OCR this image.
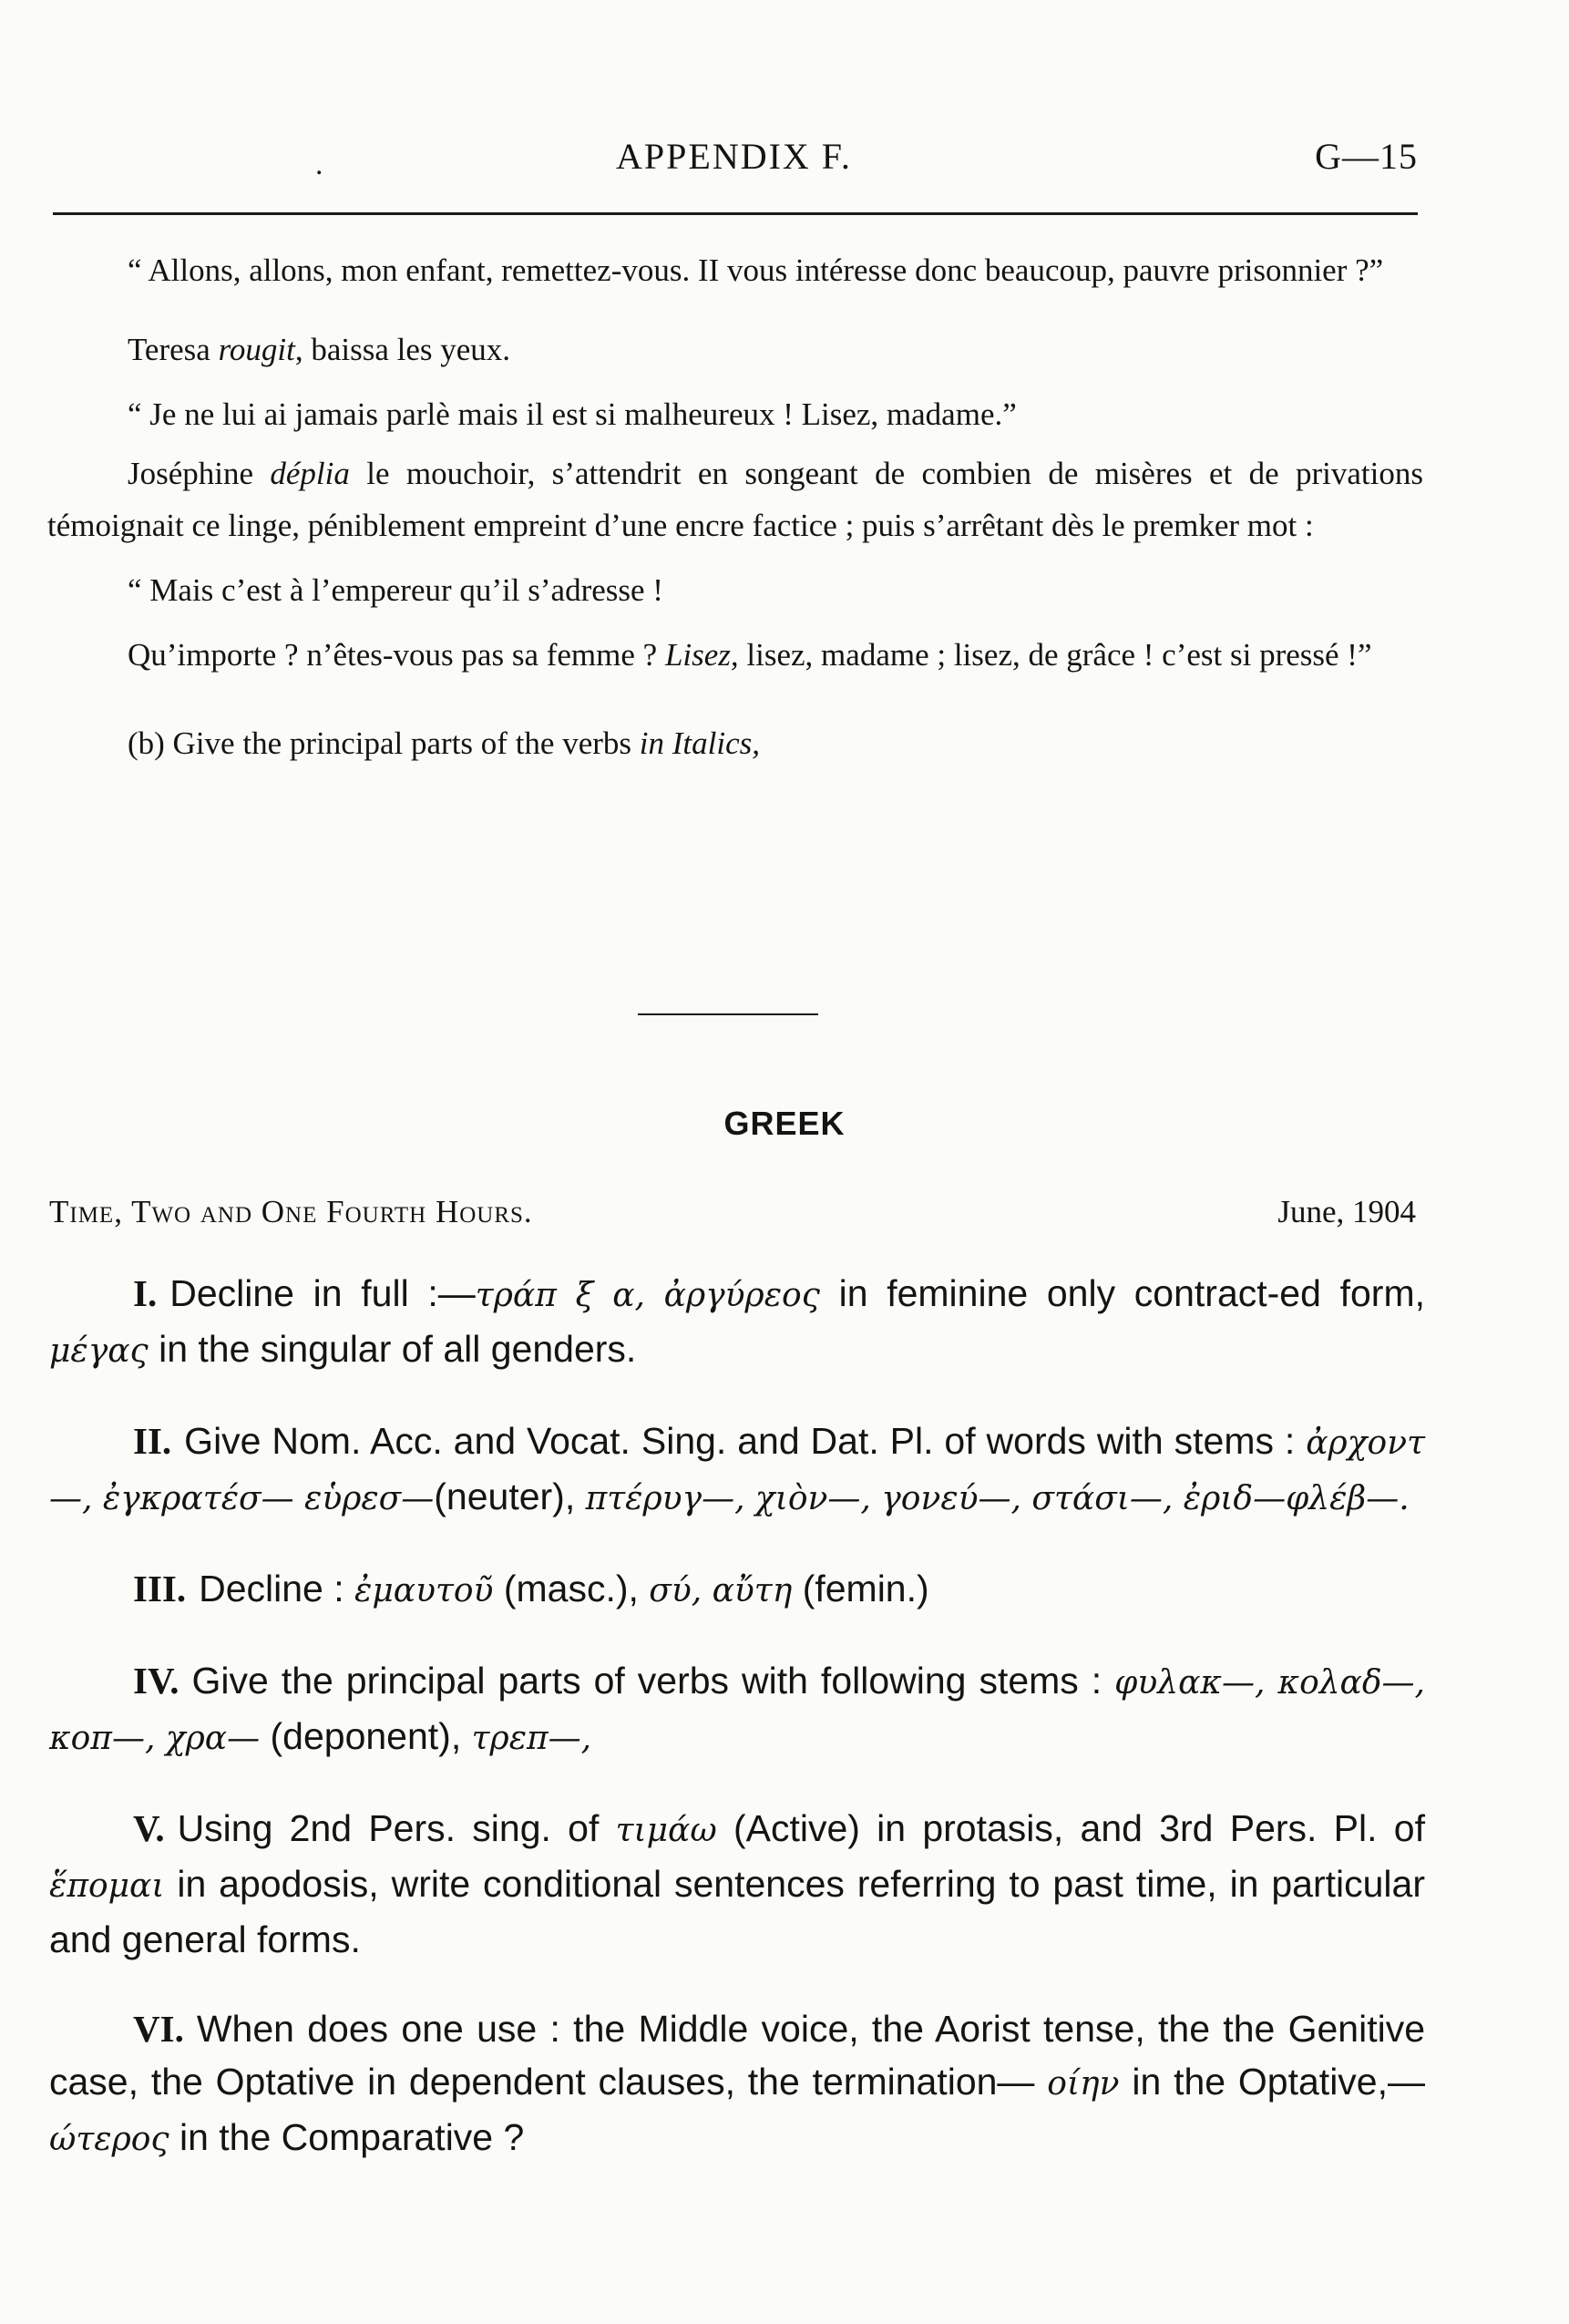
.	APPENDIX F.	G—15

“ Allons, allons, mon enfant, remettez-vous. II vous intéresse donc beaucoup, pauvre prisonnier ?”

Teresa rougit, baissa les yeux.

“ Je ne lui ai jamais parlè mais il est si malheureux ! Lisez, madame.”

Joséphine déplia le mouchoir, s’attendrit en songeant de combien de misères et de privations témoignait ce linge, péniblement empreint d’une encre factice ; puis s’arrêtant dès le premker mot :

“ Mais c’est à l’empereur qu’il s’adresse !

Qu’importe ? n’êtes-vous pas sa femme ? Lisez, lisez, madame ; lisez, de grâce ! c’est si pressé !”

(b) Give the principal parts of the verbs in Italics,

GREEK
Time, Two and One Fourth Hours.	June, 1904

I. Decline in full :—τράπ ξ α, ἀργύρεος in feminine only contract-ed form, μέγας in the singular of all genders.

II. Give Nom. Acc. and Vocat. Sing. and Dat. Pl. of words with stems : ἀρχοντ—, ἐγκρατέσ— εὑρεσ—(neuter), πτέρυγ—, χιὸν—, γονεύ—, στάσι—, ἐριδ—φλέβ—.

III. Decline : ἐμαυτοῦ (masc.), σύ, αὔτη (femin.)

IV. Give the principal parts of verbs with following stems : φυλακ—, κολαδ—, κοπ—, χρα— (deponent), τρεπ—,

V. Using 2nd Pers. sing. of τιμάω (Active) in protasis, and 3rd Pers. Pl. of ἕπομαι in apodosis, write conditional sentences referring to past time, in particular and general forms.

VI. When does one use : the Middle voice, the Aorist tense, the the Genitive case, the Optative in dependent clauses, the termination— οίην in the Optative,—ώτερος in the Comparative ?
